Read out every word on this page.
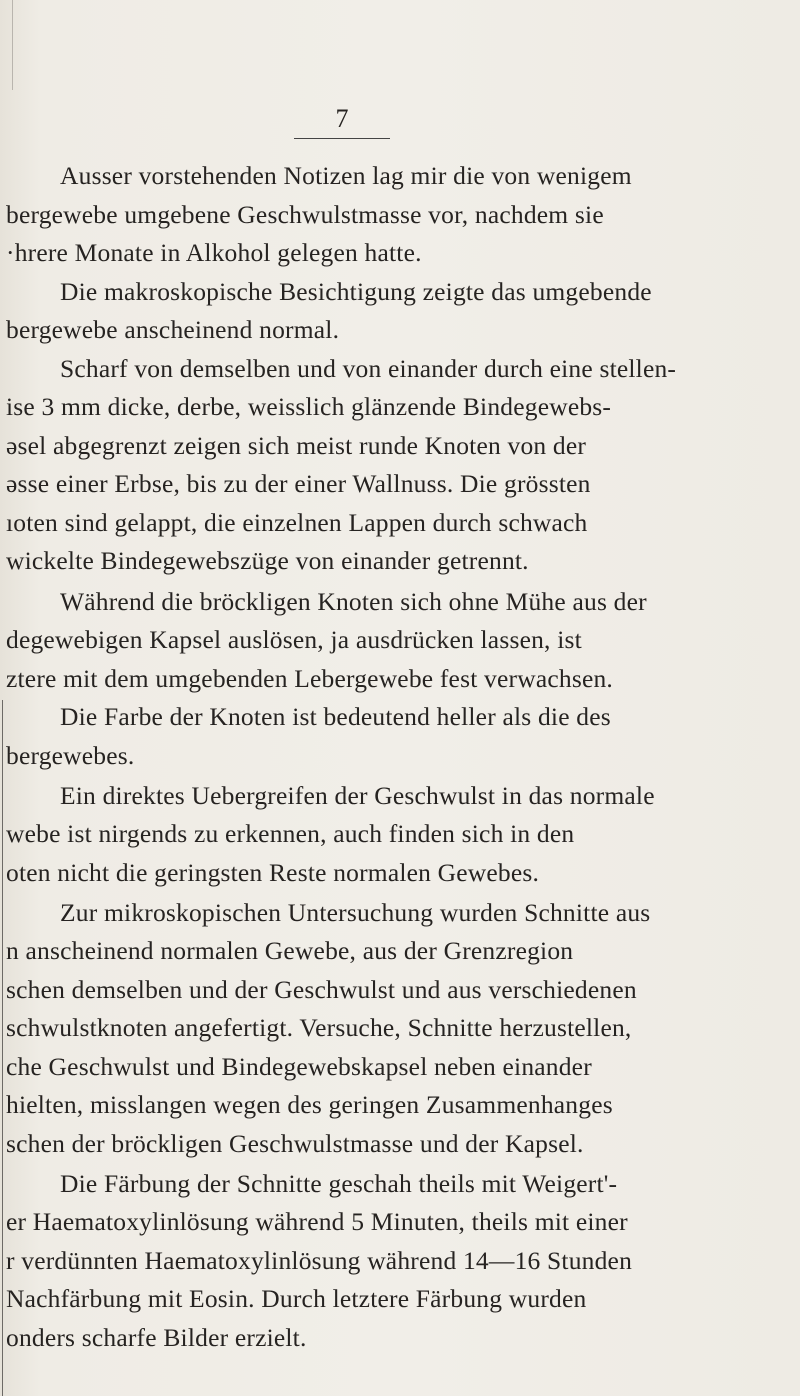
7
Ausser vorstehenden Notizen lag mir die von wenigem
bergewebe umgebene Geschwulstmasse vor, nachdem sie
·hrere Monate in Alkohol gelegen hatte.
Die makroskopische Besichtigung zeigte das umgebende
bergewebe anscheinend normal.
Scharf von demselben und von einander durch eine stellen-
ise 3 mm dicke, derbe, weisslich glänzende Bindegewebs-
əsel abgegrenzt zeigen sich meist runde Knoten von der
əsse einer Erbse, bis zu der einer Wallnuss. Die grössten
ıoten sind gelappt, die einzelnen Lappen durch schwach
wickelte Bindegewebszüge von einander getrennt.
Während die bröckligen Knoten sich ohne Mühe aus der
degewebigen Kapsel auslösen, ja ausdrücken lassen, ist
ztere mit dem umgebenden Lebergewebe fest verwachsen.
Die Farbe der Knoten ist bedeutend heller als die des
bergewebes.
Ein direktes Uebergreifen der Geschwulst in das normale
webe ist nirgends zu erkennen, auch finden sich in den
oten nicht die geringsten Reste normalen Gewebes.
Zur mikroskopischen Untersuchung wurden Schnitte aus
n anscheinend normalen Gewebe, aus der Grenzregion
schen demselben und der Geschwulst und aus verschiedenen
schwulstknoten angefertigt. Versuche, Schnitte herzustellen,
che Geschwulst und Bindegewebskapsel neben einander
hielten, misslangen wegen des geringen Zusammenhanges
schen der bröckligen Geschwulstmasse und der Kapsel.
Die Färbung der Schnitte geschah theils mit Weigert'-
er Haematoxylinlösung während 5 Minuten, theils mit einer
r verdünnten Haematoxylinlösung während 14—16 Stunden
Nachfärbung mit Eosin. Durch letztere Färbung wurden
onders scharfe Bilder erzielt.
